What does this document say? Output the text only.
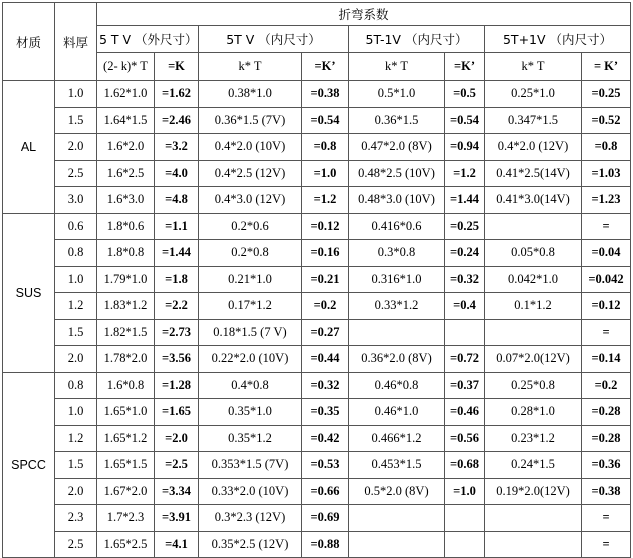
材质	料厚	折弯系数							
		5 T V （外尺寸）		5T V （内尺寸）		5T-1V （内尺寸）		5T+1V （内尺寸）	
		(2- k)* T	=K	k* T	=K’	k* T	=K’	k* T	= K’
AL	1.0	1.62*1.0	=1.62	0.38*1.0	=0.38	0.5*1.0	=0.5	0.25*1.0	=0.25
	1.5	1.64*1.5	=2.46	0.36*1.5 (7V)	=0.54	0.36*1.5	=0.54	0.347*1.5	=0.52
	2.0	1.6*2.0	=3.2	0.4*2.0 (10V)	=0.8	0.47*2.0 (8V)	=0.94	0.4*2.0 (12V)	=0.8
	2.5	1.6*2.5	=4.0	0.4*2.5 (12V)	=1.0	0.48*2.5 (10V)	=1.2	0.41*2.5(14V)	=1.03
	3.0	1.6*3.0	=4.8	0.4*3.0 (12V)	=1.2	0.48*3.0 (10V)	=1.44	0.41*3.0(14V)	=1.23
SUS	0.6	1.8*0.6	=1.1	0.2*0.6	=0.12	0.416*0.6	=0.25		=
	0.8	1.8*0.8	=1.44	0.2*0.8	=0.16	0.3*0.8	=0.24	0.05*0.8	=0.04
	1.0	1.79*1.0	=1.8	0.21*1.0	=0.21	0.316*1.0	=0.32	0.042*1.0	=0.042
	1.2	1.83*1.2	=2.2	0.17*1.2	=0.2	0.33*1.2	=0.4	0.1*1.2	=0.12
	1.5	1.82*1.5	=2.73	0.18*1.5 (7 V)	=0.27				=
	2.0	1.78*2.0	=3.56	0.22*2.0 (10V)	=0.44	0.36*2.0 (8V)	=0.72	0.07*2.0(12V)	=0.14
SPCC	0.8	1.6*0.8	=1.28	0.4*0.8	=0.32	0.46*0.8	=0.37	0.25*0.8	=0.2
	1.0	1.65*1.0	=1.65	0.35*1.0	=0.35	0.46*1.0	=0.46	0.28*1.0	=0.28
	1.2	1.65*1.2	=2.0	0.35*1.2	=0.42	0.466*1.2	=0.56	0.23*1.2	=0.28
	1.5	1.65*1.5	=2.5	0.353*1.5 (7V)	=0.53	0.453*1.5	=0.68	0.24*1.5	=0.36
	2.0	1.67*2.0	=3.34	0.33*2.0 (10V)	=0.66	0.5*2.0 (8V)	=1.0	0.19*2.0(12V)	=0.38
	2.3	1.7*2.3	=3.91	0.3*2.3 (12V)	=0.69				=
	2.5	1.65*2.5	=4.1	0.35*2.5 (12V)	=0.88				=
